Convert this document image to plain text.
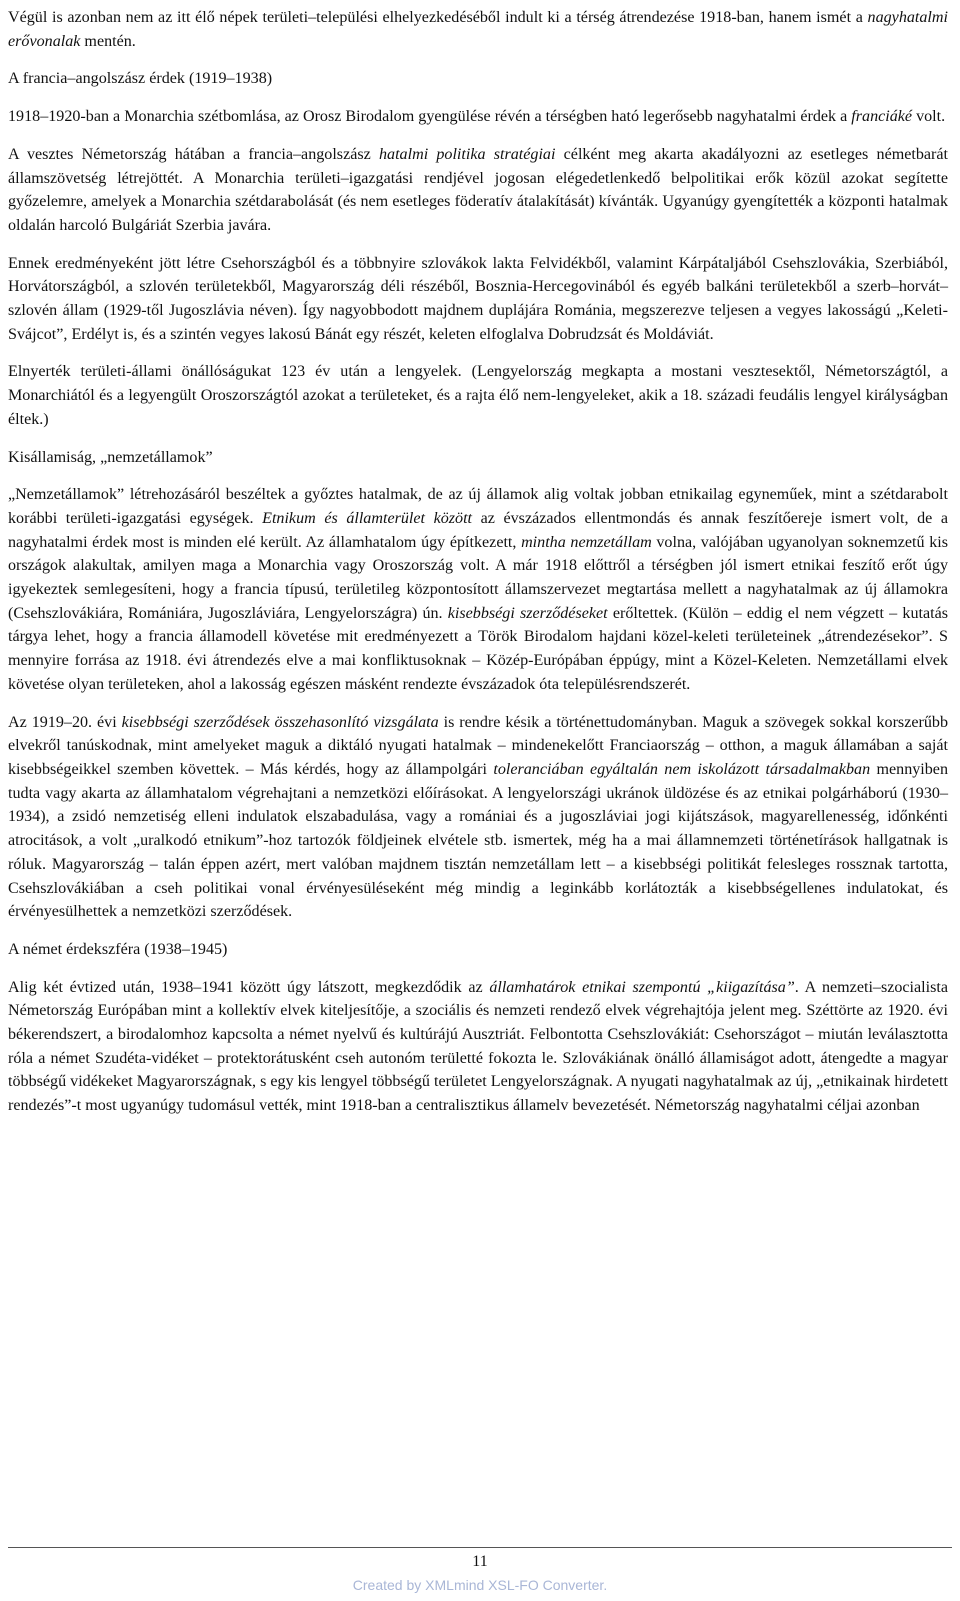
Végül is azonban nem az itt élő népek területi–települési elhelyezkedéséből indult ki a térség átrendezése 1918-ban, hanem ismét a nagyhatalmi erővonalak mentén.

A francia–angolszász érdek (1919–1938)

1918–1920-ban a Monarchia szétbomlása, az Orosz Birodalom gyengülése révén a térségben ható legerősebb nagyhatalmi érdek a franciáké volt.

A vesztes Németország hátában a francia–angolszász hatalmi politika stratégiai célként meg akarta akadályozni az esetleges németbarát államszövetség létrejöttét. A Monarchia területi–igazgatási rendjével jogosan elégedetlenkedő belpolitikai erők közül azokat segítette győzelemre, amelyek a Monarchia szétdarabolását (és nem esetleges föderatív átalakítását) kívánták. Ugyanúgy gyengítették a központi hatalmak oldalán harcoló Bulgáriát Szerbia javára.

Ennek eredményeként jött létre Csehországból és a többnyire szlovákok lakta Felvidékből, valamint Kárpátaljából Csehszlovákia, Szerbiából, Horvátországból, a szlovén területekből, Magyarország déli részéből, Bosznia-Hercegovinából és egyéb balkáni területekből a szerb–horvát–szlovén állam (1929-től Jugoszlávia néven). Így nagyobbodott majdnem duplájára Románia, megszerezve teljesen a vegyes lakosságú „Keleti-Svájcot”, Erdélyt is, és a szintén vegyes lakosú Bánát egy részét, keleten elfoglalva Dobrudzsát és Moldáviát.

Elnyerték területi-állami önállóságukat 123 év után a lengyelek. (Lengyelország megkapta a mostani vesztesektől, Németországtól, a Monarchiától és a legyengült Oroszországtól azokat a területeket, és a rajta élő nem-lengyeleket, akik a 18. századi feudális lengyel királyságban éltek.)

Kisállamiság, „nemzetállamok”

„Nemzetállamok” létrehozásáról beszéltek a győztes hatalmak, de az új államok alig voltak jobban etnikailag egyneműek, mint a szétdarabolt korábbi területi-igazgatási egységek. Etnikum és államterület között az évszázados ellentmondás és annak feszítőereje ismert volt, de a nagyhatalmi érdek most is minden elé került. Az államhatalom úgy építkezett, mintha nemzetállam volna, valójában ugyanolyan soknemzetű kis országok alakultak, amilyen maga a Monarchia vagy Oroszország volt. A már 1918 előttről a térségben jól ismert etnikai feszítő erőt úgy igyekeztek semlegesíteni, hogy a francia típusú, területileg központosított államszervezet megtartása mellett a nagyhatalmak az új államokra (Csehszlovákiára, Romániára, Jugoszláviára, Lengyelországra) ún. kisebbségi szerződéseket erőltettek. (Külön – eddig el nem végzett – kutatás tárgya lehet, hogy a francia államodell követése mit eredményezett a Török Birodalom hajdani közel-keleti területeinek „átrendezésekor”. S mennyire forrása az 1918. évi átrendezés elve a mai konfliktusoknak – Közép-Európában éppúgy, mint a Közel-Keleten. Nemzetállami elvek követése olyan területeken, ahol a lakosság egészen másként rendezte évszázadok óta településrendszerét.

Az 1919–20. évi kisebbségi szerződések összehasonlító vizsgálata is rendre késik a történettudományban. Maguk a szövegek sokkal korszerűbb elvekről tanúskodnak, mint amelyeket maguk a diktáló nyugati hatalmak – mindenekelőtt Franciaország – otthon, a maguk államában a saját kisebbségeikkel szemben követtek. – Más kérdés, hogy az állampolgári toleranciában egyáltalán nem iskolázott társadalmakban mennyiben tudta vagy akarta az államhatalom végrehajtani a nemzetközi előírásokat. A lengyelországi ukránok üldözése és az etnikai polgárháború (1930–1934), a zsidó nemzetiség elleni indulatok elszabadulása, vagy a romániai és a jugoszláviai jogi kijátszások, magyarellenesség, időnkénti atrocitások, a volt „uralkodó etnikum”-hoz tartozók földjeinek elvétele stb. ismertek, még ha a mai államnemzeti történetírások hallgatnak is róluk. Magyarország – talán éppen azért, mert valóban majdnem tisztán nemzetállam lett – a kisebbségi politikát felesleges rossznak tartotta, Csehszlovákiában a cseh politikai vonal érvényesüléseként még mindig a leginkább korlátozták a kisebbségellenes indulatokat, és érvényesülhettek a nemzetközi szerződések.

A német érdekszféra (1938–1945)

Alig két évtized után, 1938–1941 között úgy látszott, megkezdődik az államhatárok etnikai szempontú „kiigazítása”. A nemzeti–szocialista Németország Európában mint a kollektív elvek kiteljesítője, a szociális és nemzeti rendező elvek végrehajtója jelent meg. Széttörte az 1920. évi békerendszert, a birodalomhoz kapcsolta a német nyelvű és kultúrájú Ausztriát. Felbontotta Csehszlovákiát: Csehországot – miután leválasztotta róla a német Szudéta-vidéket – protektorátusként cseh autonóm területté fokozta le. Szlovákiának önálló államiságot adott, átengedte a magyar többségű vidékeket Magyarországnak, s egy kis lengyel többségű területet Lengyelországnak. A nyugati nagyhatalmak az új, „etnikainak hirdetett rendezés”-t most ugyanúgy tudomásul vették, mint 1918-ban a centralisztikus államelv bevezetését. Németország nagyhatalmi céljai azonban

11
Created by XMLmind XSL-FO Converter.
